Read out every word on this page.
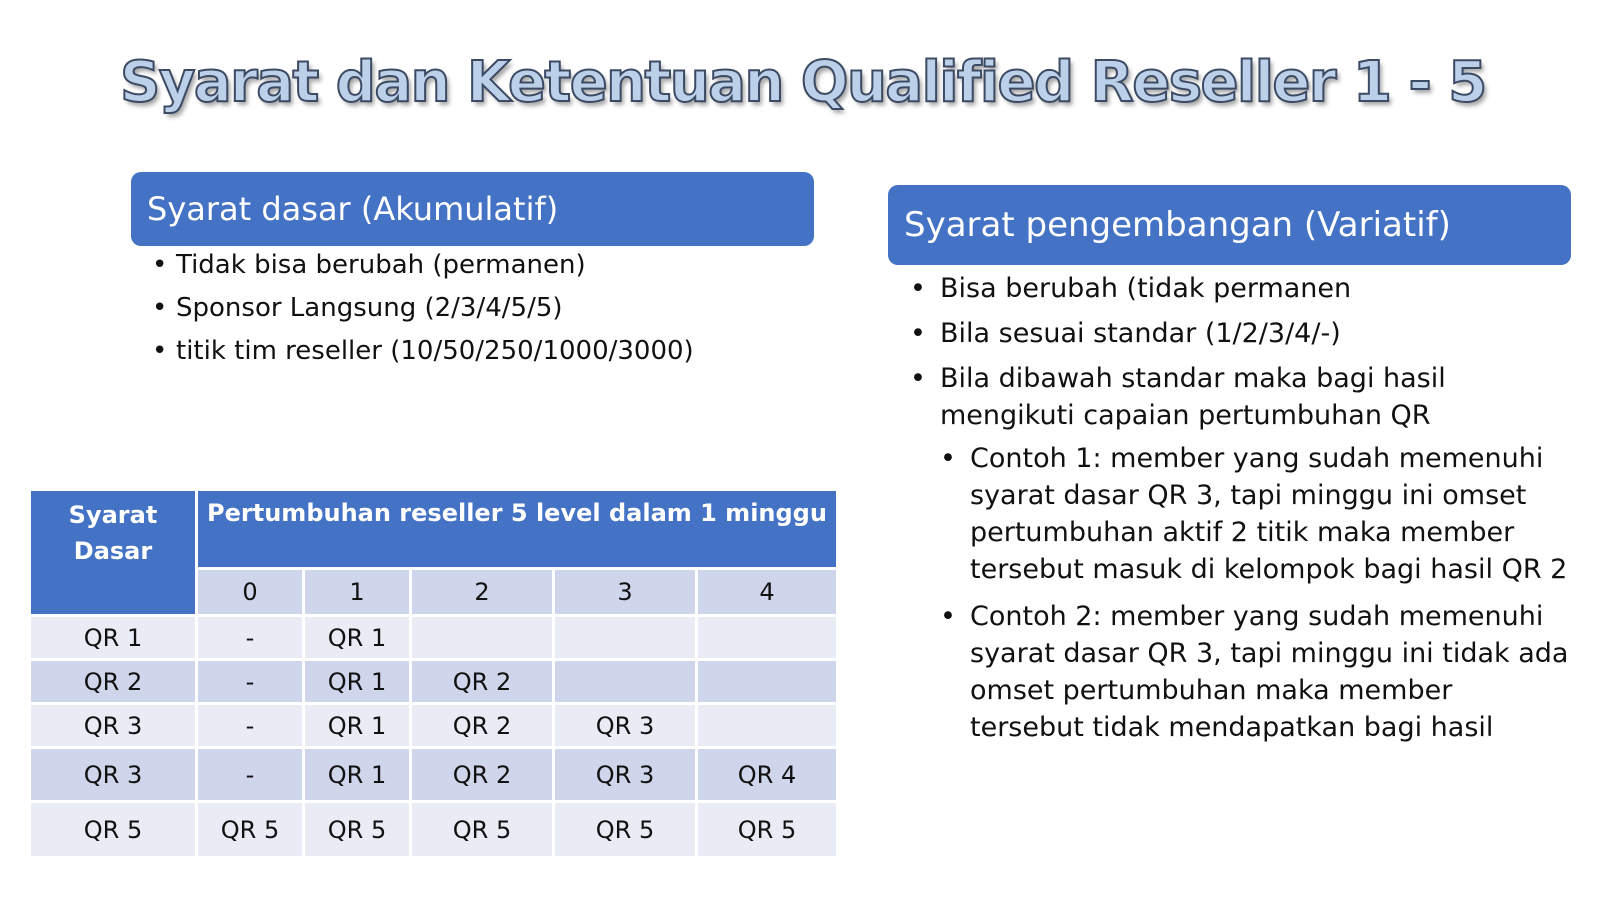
Syarat dan Ketentuan Qualified Reseller 1 - 5
Syarat dasar (Akumulatif)
• Tidak bisa berubah (permanen)
• Sponsor Langsung (2/3/4/5/5)
• titik tim reseller (10/50/250/1000/3000)
Syarat pengembangan (Variatif)
• Bisa berubah (tidak permanen
• Bila sesuai standar (1/2/3/4/-)
• Bila dibawah standar maka bagi hasil mengikuti capaian pertumbuhan QR
• Contoh 1: member yang sudah memenuhi syarat dasar QR 3, tapi minggu ini omset pertumbuhan aktif 2 titik maka member tersebut masuk di kelompok bagi hasil QR 2
• Contoh 2: member yang sudah memenuhi syarat dasar QR 3, tapi minggu ini tidak ada omset pertumbuhan maka member tersebut tidak mendapatkan bagi hasil
Syarat Dasar	Pertumbuhan reseller 5 level dalam 1 minggu				
	0	1	2	3	4
QR 1	-	QR 1			
QR 2	-	QR 1	QR 2		
QR 3	-	QR 1	QR 2	QR 3	
QR 3	-	QR 1	QR 2	QR 3	QR 4
QR 5	QR 5	QR 5	QR 5	QR 5	QR 5
